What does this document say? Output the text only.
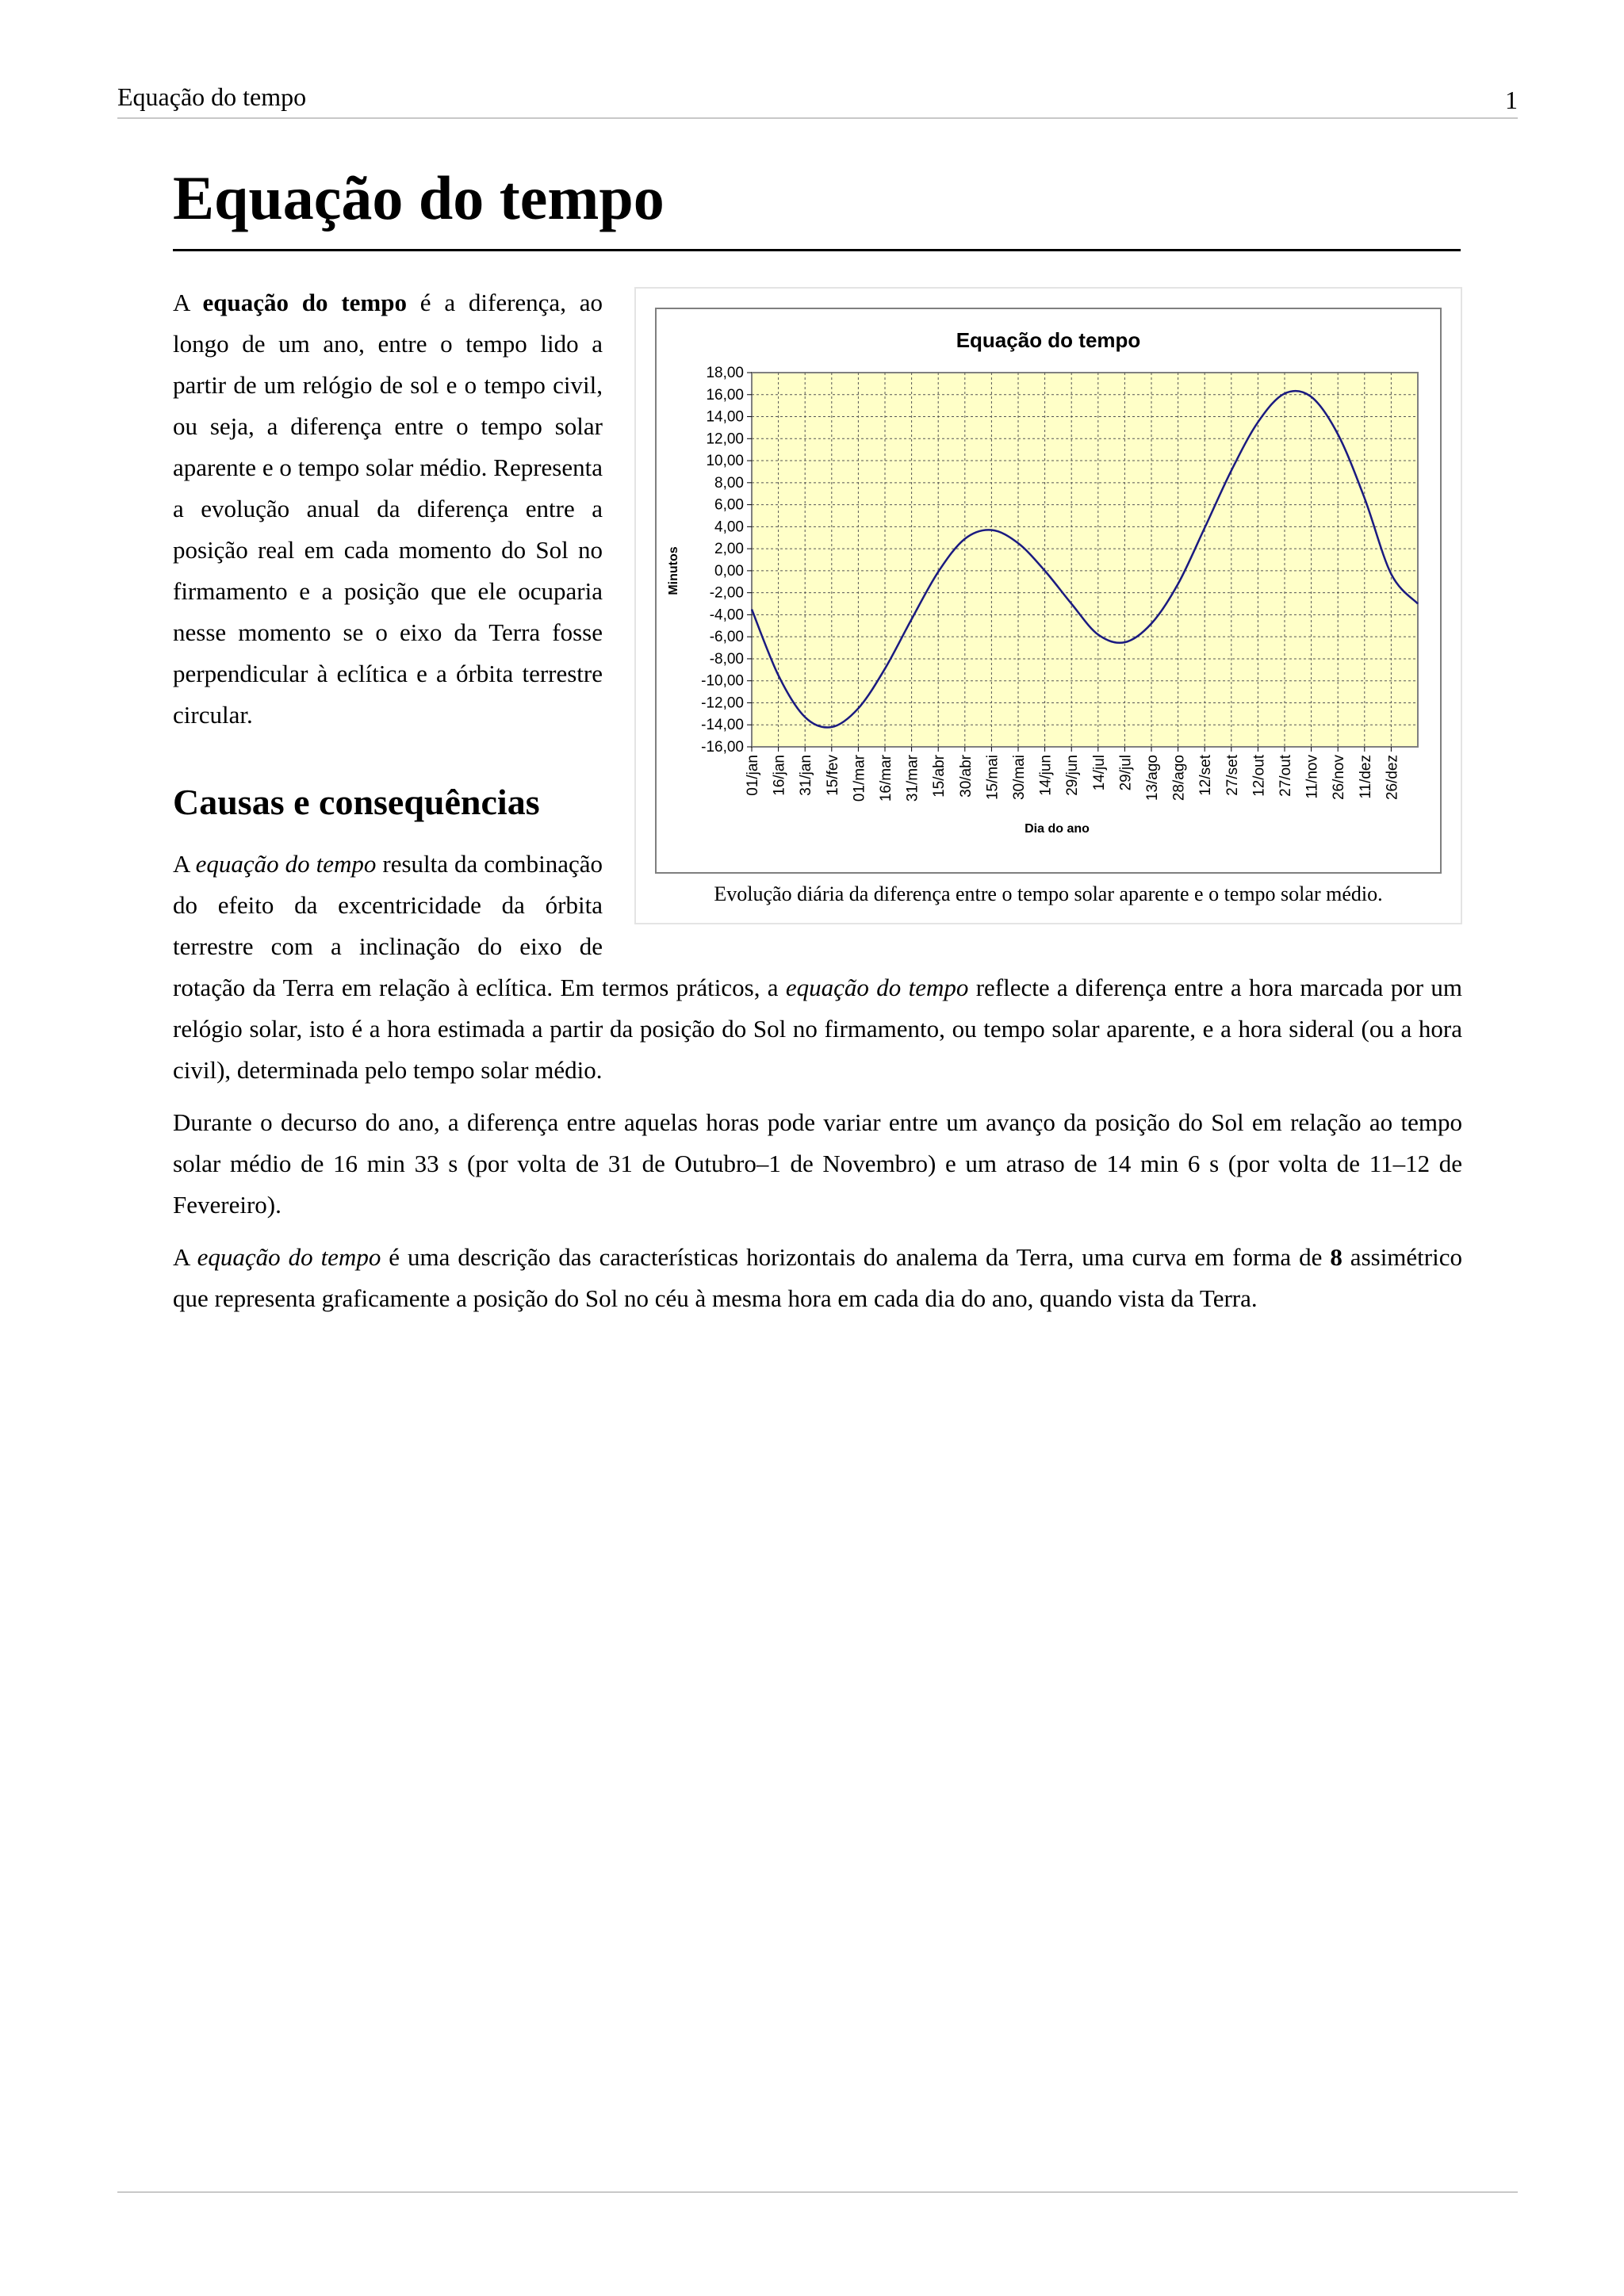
Equação do tempo	1
Equação do tempo
18,00
16,00
14,00
12,00
10,00
8,00
6,00
4,00
2,00
0,00
-2,00
-4,00
-6,00
-8,00
-10,00
-12,00
-14,00
-16,00
01/jan 16/jan 31/jan 15/fev 01/mar 16/mar 31/mar 15/abr 30/abr 15/mai 30/mai 14/jun 29/jun 14/jul 29/jul 13/ago 28/ago 12/set 27/set 12/out 27/out 11/nov 26/nov 11/dez 26/dez
Equação do tempo
Minutos
Dia do ano
Evolução diária da diferença entre o tempo solar aparente e o tempo solar médio.

A equação do tempo é a diferença, ao longo de um ano, entre o tempo lido a partir de um relógio de sol e o tempo civil, ou seja, a diferença entre o tempo solar aparente e o tempo solar médio. Representa a evolução anual da diferença entre a posição real em cada momento do Sol no firmamento e a posição que ele ocuparia nesse momento se o eixo da Terra fosse perpendicular à eclítica e a órbita terrestre circular.

Causas e consequências

A equação do tempo resulta da combinação do efeito da excentricidade da órbita terrestre com a inclinação do eixo de rotação da Terra em relação à eclítica. Em termos práticos, a equação do tempo reflecte a diferença entre a hora marcada por um relógio solar, isto é a hora estimada a partir da posição do Sol no firmamento, ou tempo solar aparente, e a hora sideral (ou a hora civil), determinada pelo tempo solar médio.

Durante o decurso do ano, a diferença entre aquelas horas pode variar entre um avanço da posição do Sol em relação ao tempo solar médio de 16 min 33 s (por volta de 31 de Outubro–1 de Novembro) e um atraso de 14 min 6 s (por volta de 11–12 de Fevereiro).

A equação do tempo é uma descrição das características horizontais do analema da Terra, uma curva em forma de 8 assimétrico que representa graficamente a posição do Sol no céu à mesma hora em cada dia do ano, quando vista da Terra.
